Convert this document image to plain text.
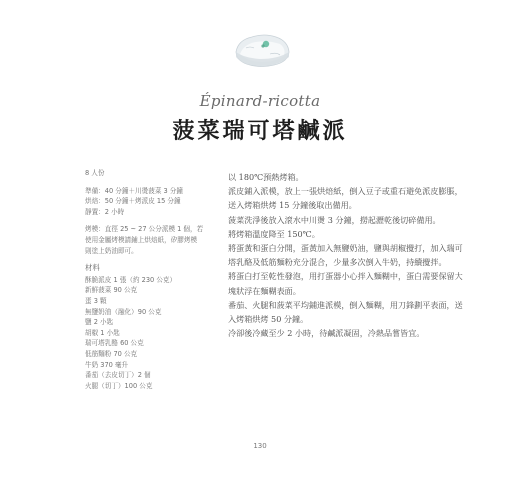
Épinard-ricotta
菠菜瑞可塔鹹派
8 人份
準備：40 分鐘＋川燙菠菜 3 分鐘
烘焙：50 分鐘＋烤派皮 15 分鐘
靜置：2 小時
烤模：直徑 25 ~ 27 公分派模 1 個，若
使用金屬烤模請鋪上烘焙紙，矽膠烤模
則塗上奶油即可。
材料
酥脆派皮 1 張（約 230 公克）
新鮮菠菜 90 公克
蛋 3 顆
無鹽奶油（融化）90 公克
鹽 2 小匙
胡椒 1 小匙
瑞可塔乳酪 60 公克
低筋麵粉 70 公克
牛奶 370 毫升
番茄（去皮切丁）2 個
火腿（切丁）100 公克
以 180℃預熱烤箱。
派皮鋪入派模，放上一張烘焙紙，倒入豆子或重石避免派皮膨脹，
送入烤箱烘烤 15 分鐘後取出備用。
菠菜洗淨後放入滾水中川燙 3 分鐘，撈起瀝乾後切碎備用。
將烤箱溫度降至 150℃。
將蛋黃和蛋白分開，蛋黃加入無鹽奶油，鹽與胡椒攪打，加入瑞可
塔乳酪及低筋麵粉充分混合，少量多次倒入牛奶，持續攪拌。
將蛋白打至乾性發泡，用打蛋器小心拌入麵糊中，蛋白需要保留大
塊狀浮在麵糊表面。
番茄、火腿和菠菜平均鋪進派模，倒入麵糊，用刀鋒劃平表面，送
入烤箱烘烤 50 分鐘。
冷卻後冷藏至少 2 小時，待鹹派凝固，冷熱品嘗皆宜。
130
